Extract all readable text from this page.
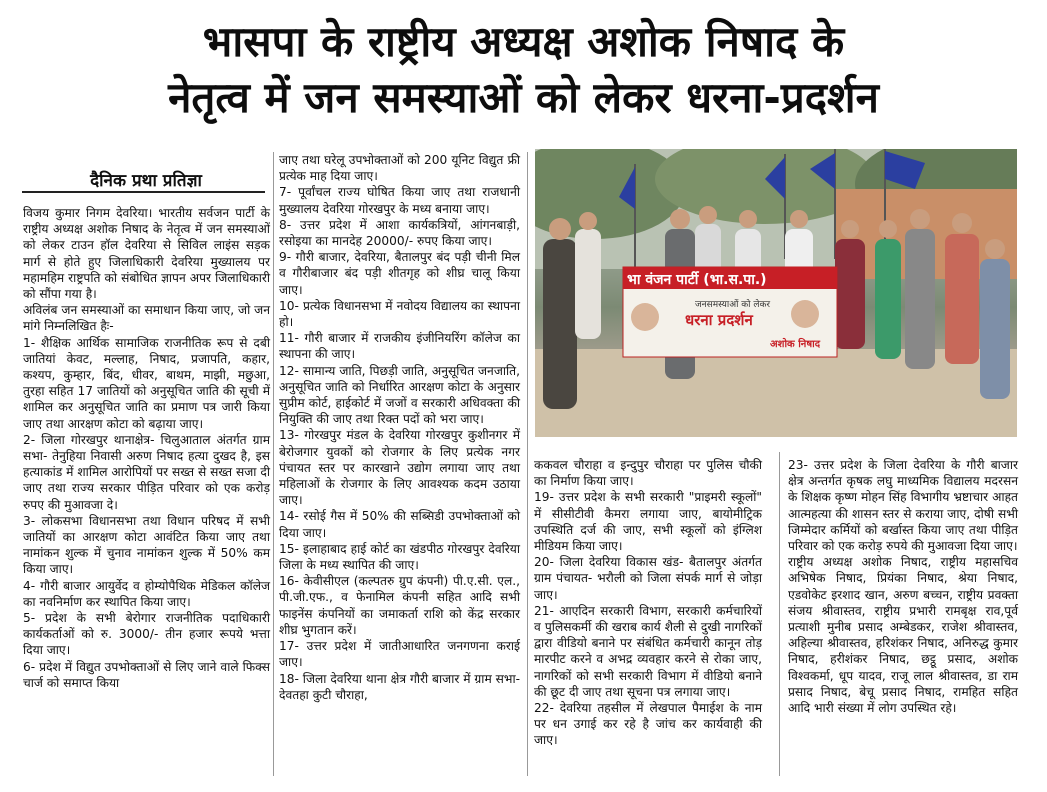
भासपा के राष्ट्रीय अध्यक्ष अशोक निषाद के
नेतृत्व में जन समस्याओं को लेकर धरना-प्रदर्शन
दैनिक प्रथा प्रतिज्ञा

विजय कुमार निगम देवरिया। भारतीय सर्वजन पार्टी के राष्ट्रीय अध्यक्ष अशोक निषाद के नेतृत्व में जन समस्याओं को लेकर टाउन हॉल देवरिया से सिविल लाइंस सड़क मार्ग से होते हुए जिलाधिकारी देवरिया मुख्यालय पर महामहिम राष्ट्रपति को संबोधित ज्ञापन अपर जिलाधिकारी को सौंपा गया है।

अविलंब जन समस्याओं का समाधान किया जाए, जो जन मांगे निम्नलिखित हैः-

1- शैक्षिक आर्थिक सामाजिक राजनीतिक रूप से दबी जातियां केवट, मल्लाह, निषाद, प्रजापति, कहार, कश्यप, कुम्हार, बिंद, धीवर, बाथम, माझी, मछुआ, तुरहा सहित 17 जातियों को अनुसूचित जाति की सूची में शामिल कर अनुसूचित जाति का प्रमाण पत्र जारी किया जाए तथा आरक्षण कोटा को बढ़ाया जाए।

2- जिला गोरखपुर थानाक्षेत्र- चिलुआताल अंतर्गत ग्राम सभा- तेनुहिया निवासी अरुण निषाद हत्या दुखद है, इस हत्याकांड में शामिल आरोपियों पर सख्त से सख्त सजा दी जाए तथा राज्य सरकार पीड़ित परिवार को एक करोड़ रुपए की मुआवजा दे।

3- लोकसभा विधानसभा तथा विधान परिषद में सभी जातियों का आरक्षण कोटा आवंटित किया जाए तथा नामांकन शुल्क में चुनाव नामांकन शुल्क में 50% कम किया जाए।

4- गौरी बाजार आयुर्वेद व होम्योपैथिक मेडिकल कॉलेज का नवनिर्माण कर स्थापित किया जाए।

5- प्रदेश के सभी बेरोगार राजनीतिक पदाधिकारी कार्यकर्ताओं को रु. 3000/- तीन हजार रूपये भत्ता दिया जाए।

6- प्रदेश में विद्युत उपभोक्ताओं से लिए जाने वाले फिक्स चार्ज को समाप्त किया

जाए तथा घरेलू उपभोक्ताओं को 200 यूनिट विद्युत फ्री प्रत्येक माह दिया जाए।

7- पूर्वांचल राज्य घोषित किया जाए तथा राजधानी मुख्यालय देवरिया गोरखपुर के मध्य बनाया जाए।

8- उत्तर प्रदेश में आशा कार्यकत्रियों, आंगनबाड़ी, रसोइया का मानदेह 20000/- रुपए किया जाए।

9- गौरी बाजार, देवरिया, बैतालपुर बंद पड़ी चीनी मिल व गौरीबाजार बंद पड़ी शीतगृह को शीघ्र चालू किया जाए।

10- प्रत्येक विधानसभा में नवोदय विद्यालय का स्थापना हो।

11- गौरी बाजार में राजकीय इंजीनियरिंग कॉलेज का स्थापना की जाए।

12- सामान्य जाति, पिछड़ी जाति, अनुसूचित जनजाति, अनुसूचित जाति को निर्धारित आरक्षण कोटा के अनुसार सुप्रीम कोर्ट, हाईकोर्ट में जजों व सरकारी अधिवक्ता की नियुक्ति की जाए तथा रिक्त पदों को भरा जाए।

13- गोरखपुर मंडल के देवरिया गोरखपुर कुशीनगर में बेरोजगार युवकों को रोजगार के लिए प्रत्येक नगर पंचायत स्तर पर कारखाने उद्योग लगाया जाए तथा महिलाओं के रोजगार के लिए आवश्यक कदम उठाया जाए।

14- रसोई गैस में 50% की सब्सिडी उपभोक्ताओं को दिया जाए।

15- इलाहाबाद हाई कोर्ट का खंडपीठ गोरखपुर देवरिया जिला के मध्य स्थापित की जाए।

16- केवीसीएल (कल्पतरु ग्रुप कंपनी) पी.ए.सी. एल., पी.जी.एफ., व फेनामिल कंपनी सहित आदि सभी फाइनेंस कंपनियों का जमाकर्ता राशि को केंद्र सरकार शीघ्र भुगतान करें।

17- उत्तर प्रदेश में जातीआधारित जनगणना कराई जाए।

18- जिला देवरिया थाना क्षेत्र गौरी बाजार में ग्राम सभा- देवतहा कुटी चौराहा,

भा वंजन पार्टी (भा.स.पा.)
जनसमस्याओं को लेकर
धरना प्रदर्शन
अशोक निषाद

ककवल चौराहा व इन्दुपुर चौराहा पर पुलिस चौकी का निर्माण किया जाए।

19- उत्तर प्रदेश के सभी सरकारी "प्राइमरी स्कूलों" में सीसीटीवी कैमरा लगाया जाए, बायोमीट्रिक उपस्थिति दर्ज की जाए, सभी स्कूलों को इंग्लिश मीडियम किया जाए।

20- जिला देवरिया विकास खंड- बैतालपुर अंतर्गत ग्राम पंचायत- भरौली को जिला संपर्क मार्ग से जोड़ा जाए।

21- आएदिन सरकारी विभाग, सरकारी कर्मचारियों व पुलिसकर्मी की खराब कार्य शैली से दुखी नागरिकों द्वारा वीडियो बनाने पर संबंधित कर्मचारी कानून तोड़ मारपीट करने व अभद्र व्यवहार करने से रोका जाए, नागरिकों को सभी सरकारी विभाग में वीडियो बनाने की छूट दी जाए तथा सूचना पत्र लगाया जाए।

22- देवरिया तहसील में लेखपाल पैमाईश के नाम पर धन उगाई कर रहे है जांच कर कार्यवाही की जाए।

23- उत्तर प्रदेश के जिला देवरिया के गौरी बाजार क्षेत्र अन्तर्गत कृषक लघु माध्यमिक विद्यालय मदरसन के शिक्षक कृष्ण मोहन सिंह विभागीय भ्रष्टाचार आहत आत्महत्या की शासन स्तर से कराया जाए, दोषी सभी जिम्मेदार कर्मियों को बर्खास्त किया जाए तथा पीड़ित परिवार को एक करोड़ रुपये की मुआवजा दिया जाए।

राष्ट्रीय अध्यक्ष अशोक निषाद, राष्ट्रीय महासचिव अभिषेक निषाद, प्रियंका निषाद, श्रेया निषाद, एडवोकेट इरशाद खान, अरुण बच्चन, राष्ट्रीय प्रवक्ता संजय श्रीवास्तव, राष्ट्रीय प्रभारी रामबृक्ष राव,पूर्व प्रत्याशी मुनीब प्रसाद अम्बेडकर, राजेश श्रीवास्तव, अहिल्या श्रीवास्तव, हरिशंकर निषाद, अनिरुद्ध कुमार निषाद, हरीशंकर निषाद, छट्ठू प्रसाद, अशोक विश्वकर्मा, धूप यादव, राजू लाल श्रीवास्तव, डा राम प्रसाद निषाद, बेचू प्रसाद निषाद, रामहित सहित आदि भारी संख्या में लोग उपस्थित रहे।
